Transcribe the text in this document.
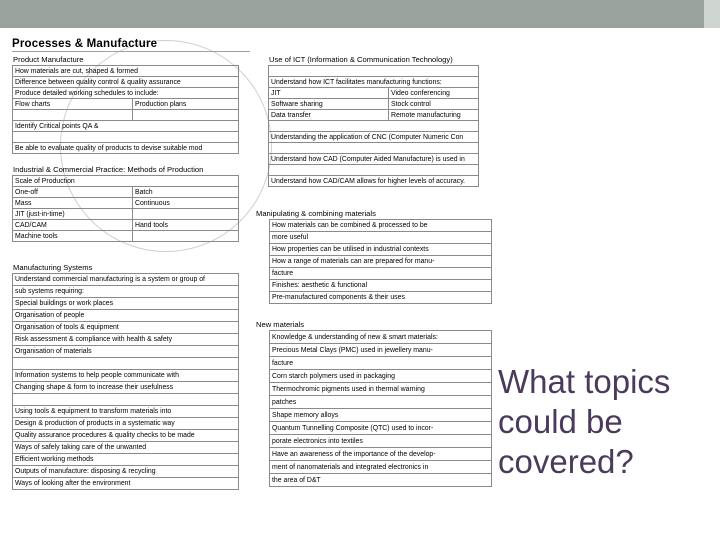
Processes & Manufacture
Product Manufacture
How materials are cut, shaped & formed	
Difference between quality control & quality assurance	
Produce detailed working schedules to include:	
Flow charts	Production plans

Identify Critical points QA &	

Be able to evaluate quality of products to devise suitable mod	
Industrial & Commercial Practice: Methods of Production
Scale of Production	
One-off	Batch
Mass	Continuous
JIT (just-in-time)	
CAD/CAM	Hand tools
Machine tools	
Manufacturing Systems
Understand commercial manufacturing is a system or group of
sub systems requiring:
Special buildings or work places
Organisation of people
Organisation of tools & equipment
Risk assessment & compliance with health & safety
Organisation of materials

Information systems to help people communicate with
Changing shape & form to increase their usefulness

Using tools & equipment to transform materials into
Design & production of products in a systematic way
Quality assurance procedures & quality checks to be made
Ways of safely taking care of the unwanted
Efficient working methods
Outputs of manufacture: disposing & recycling
Ways of looking after the environment
Use of ICT (Information & Communication Technology)

Understand how ICT facilitates manufacturing functions:	
JIT	Video conferencing
Software sharing	Stock control
Data transfer	Remote manufacturing

Understanding the application of CNC (Computer Numeric Con	

Understand how CAD (Computer Aided Manufacture) is used in	

Understand how CAD/CAM allows for higher levels of accuracy.	
Manipulating & combining materials
How materials can be combined & processed to be
more useful
How properties can be utilised in industrial contexts
How a range of materials can are prepared for manu-
facture
Finishes: aesthetic & functional
Pre-manufactured components & their uses
New materials
Knowledge & understanding of new & smart materials:
Precious Metal Clays (PMC) used in jewellery manu-
facture
Corn starch polymers used in packaging
Thermochromic pigments used in thermal warning
patches
Shape memory alloys
Quantum Tunnelling Composite (QTC) used to incor-
porate electronics into textiles
Have an awareness of the importance of the develop-
ment of nanomaterials and integrated electronics in
the area of D&T
What topics could be covered?
